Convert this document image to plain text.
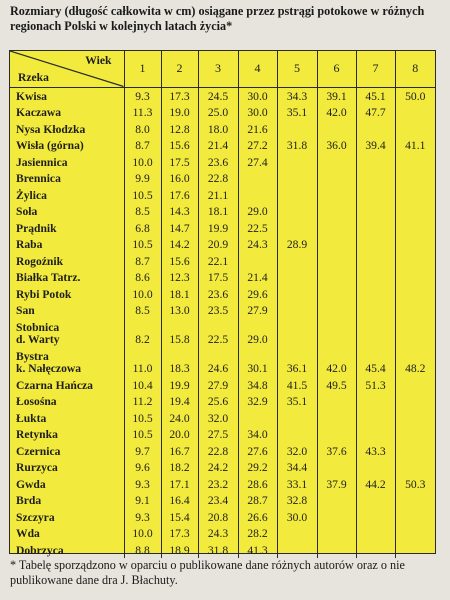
Rozmiary (długość całkowita w cm) osiągane przez pstrągi potokowe w różnych regionach Polski w kolejnych latach życia*
Wiek
Rzeka	1	2	3	4	5	6	7	8

Kwisa	9.3	17.3	24.5	30.0	34.3	39.1	45.1	50.0

Kaczawa	11.3	19.0	25.0	30.0	35.1	42.0	47.7	

Nysa Kłodzka	8.0	12.8	18.0	21.6				

Wisła (górna)	8.7	15.6	21.4	27.2	31.8	36.0	39.4	41.1

Jasiennica	10.0	17.5	23.6	27.4				

Brennica	9.9	16.0	22.8					

Żylica	10.5	17.6	21.1					

Soła	8.5	14.3	18.1	29.0				

Prądnik	6.8	14.7	19.9	22.5				

Raba	10.5	14.2	20.9	24.3	28.9			

Rogoźnik	8.7	15.6	22.1					

Białka Tatrz.	8.6	12.3	17.5	21.4				

Rybi Potok	10.0	18.1	23.6	29.6				

San	8.5	13.0	23.5	27.9				

Stobnica
d. Warty	8.2	15.8	22.5	29.0				

Bystra
k. Nałęczowa	11.0	18.3	24.6	30.1	36.1	42.0	45.4	48.2

Czarna Hańcza	10.4	19.9	27.9	34.8	41.5	49.5	51.3	

Łosośna	11.2	19.4	25.6	32.9	35.1			

Łukta	10.5	24.0	32.0					

Retynka	10.5	20.0	27.5	34.0				

Czernica	9.7	16.7	22.8	27.6	32.0	37.6	43.3	

Rurzyca	9.6	18.2	24.2	29.2	34.4			

Gwda	9.3	17.1	23.2	28.6	33.1	37.9	44.2	50.3

Brda	9.1	16.4	23.4	28.7	32.8			

Szczyra	9.3	15.4	20.8	26.6	30.0			

Wda	10.0	17.3	24.3	28.2				

Dobrzyca	8.8	18.9	31.8	41.3				
* Tabelę sporządzono w oparciu o publikowane dane różnych autorów oraz o nie publikowane dane dra J. Błachuty.
